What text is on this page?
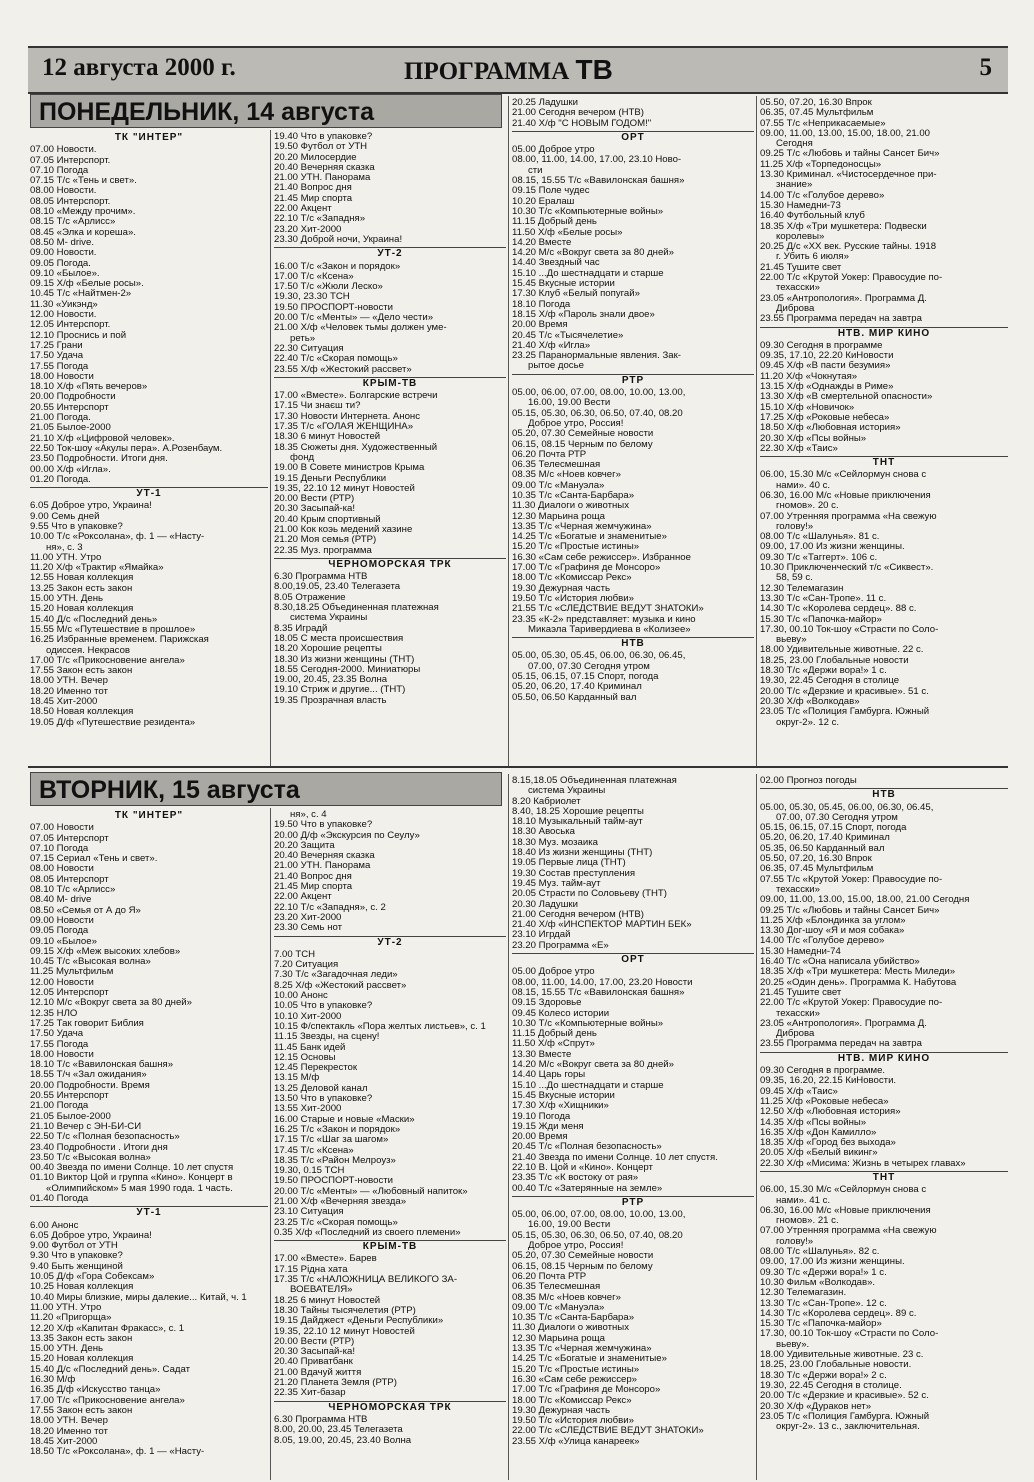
12 августа 2000 г.	ПРОГРАММА ТВ	5
ПОНЕДЕЛЬНИК, 14 августа
ВТОРНИК, 15 августа
ТК "ИНТЕР"
07.00 Новости.
07.05 Интерспорт.
07.10 Погода
07.15 Т/с «Тень и свет».
08.00 Новости.
08.05 Интерспорт.
08.10 «Между прочим».
08.15 Т/с «Арлисс»
08.45 «Элка и кореша».
08.50 M- drive.
09.00 Новости.
09.05 Погода.
09.10 «Былое».
09.15 Х/ф «Белые росы».
10.45 Т/с «Найтмен-2»
11.30 «Уикэнд»
12.00 Новости.
12.05 Интерспорт.
12.10 Проснись и пой
17.25 Грани
17.50 Удача
17.55 Погода
18.00 Новости
18.10 Х/ф «Пять вечеров»
20.00 Подробности
20.55 Интерспорт
21.00 Погода.
21.05 Былое-2000
21.10 Х/ф «Цифровой человек».
22.50 Ток-шоу «Акулы пера». А.Розенбаум.
23.50 Подробности. Итоги дня.
00.00 Х/ф «Игла».
01.20 Погода.
УТ-1
6.05 Доброе утро, Украина!
9.00 Семь дней
9.55 Что в упаковке?
10.00 Т/с «Роксолана», ф. 1 — «Насту-
ня», с. 3
11.00 УТН. Утро
11.20 Х/ф «Трактир «Ямайка»
12.55 Новая коллекция
13.25 Закон есть закон
15.00 УТН. День
15.20 Новая коллекция
15.40 Д/с «Последний день»
15.55 М/с «Путешествие в прошлое»
16.25 Избранные временем. Парижская
одиссея. Некрасов
17.00 Т/с «Прикосновение ангела»
17.55 Закон есть закон
18.00 УТН. Вечер
18.20 Именно тот
18.45 Хит-2000
18.50 Новая коллекция
19.05 Д/ф «Путешествие резидента»
19.40 Что в упаковке?
19.50 Футбол от УТН
20.20 Милосердие
20.40 Вечерняя сказка
21.00 УТН. Панорама
21.40 Вопрос дня
21.45 Мир спорта
22.00 Акцент
22.10 Т/с «Западня»
23.20 Хит-2000
23.30 Доброй ночи, Украина!
УТ-2
16.00 Т/с «Закон и порядок»
17.00 Т/с «Ксена»
17.50 Т/с «Жюли Леско»
19.30, 23.30 ТСН
19.50 ПРОСПОРТ-новости
20.00 Т/с «Менты» — «Дело чести»
21.00 Х/ф «Человек тьмы должен уме-
реть»
22.30 Ситуация
22.40 Т/с «Скорая помощь»
23.55 Х/ф «Жестокий рассвет»
КРЫМ-ТВ
17.00 «Вместе». Болгарские встречи
17.15 Чи знаєш ти?
17.30 Новости Интернета. Анонс
17.35 Т/с «ГОЛАЯ ЖЕНЩИНА»
18.30 6 минут Новостей
18.35 Сюжеты дня. Художественный
фонд
19.00 В Совете министров Крыма
19.15 Деньги Республики
19.35, 22.10 12 минут Новостей
20.00 Вести (РТР)
20.30 Засыпай-ка!
20.40 Крым спортивный
21.00 Кок коэь медений хазине
21.20 Моя семья (РТР)
22.35 Муз. программа
ЧЕРНОМОРСКАЯ ТРК
6.30 Программа НТВ
8.00,19.05, 23.40 Телегазета
8.05 Отражение
8.30,18.25 Объединенная платежная
система Украины
8.35 Иградй
18.05 С места происшествия
18.20 Хорошие рецепты
18.30 Из жизни женщины (ТНТ)
18.55 Сегодня-2000. Миниатюры
19.00, 20.45, 23.35 Волна
19.10 Стриж и другие... (ТНТ)
19.35 Прозрачная власть
20.25 Ладушки
21.00 Сегодня вечером (НТВ)
21.40 Х/ф "С НОВЫМ ГОДОМ!"
ОРТ
05.00 Доброе утро
08.00, 11.00, 14.00, 17.00, 23.10 Ново-
сти
08.15, 15.55 Т/с «Вавилонская башня»
09.15 Поле чудес
10.20 Ералаш
10.30 Т/с «Компьютерные войны»
11.15 Добрый день
11.50 Х/ф «Белые росы»
14.20 Вместе
14.20 М/с «Вокруг света за 80 дней»
14.40 Звездный час
15.10 ...До шестнадцати и старше
15.45 Вкусные истории
17.30 Клуб «Белый попугай»
18.10 Погода
18.15 Х/ф «Пароль знали двое»
20.00 Время
20.45 Т/с «Тысячелетие»
21.40 Х/ф «Игла»
23.25 Паранормальные явления. Зак-
рытое досье
РТР
05.00, 06.00, 07.00, 08.00, 10.00, 13.00,
16.00, 19.00 Вести
05.15, 05.30, 06.30, 06.50, 07.40, 08.20
Доброе утро, Россия!
05.20, 07.30 Семейные новости
06.15, 08.15 Черным по белому
06.20 Почта РТР
06.35 Телесмешная
08.35 М/с «Ноев ковчег»
09.00 Т/с «Мануэла»
10.35 Т/с «Санта-Барбара»
11.30 Диалоги о животных
12.30 Марьина роща
13.35 Т/с «Черная жемчужина»
14.25 Т/с «Богатые и знаменитые»
15.20 Т/с «Простые истины»
16.30 «Сам себе режиссер». Избранное
17.00 Т/с «Графиня де Монсоро»
18.00 Т/с «Комиссар Рекс»
19.30 Дежурная часть
19.50 Т/с «История любви»
21.55 Т/с «СЛЕДСТВИЕ ВЕДУТ ЗНАТОКИ»
23.35 «К-2» представляет: музыка и кино
Микаэла Таривердиева в «Колизее»
НТВ
05.00, 05.30, 05.45, 06.00, 06.30, 06.45,
07.00, 07.30 Сегодня утром
05.15, 06.15, 07.15 Спорт, погода
05.20, 06.20, 17.40 Криминал
05.50, 06.50 Карданный вал
05.50, 07.20, 16.30 Впрок
06.35, 07.45 Мультфильм
07.55 Т/с «Неприкасаемые»
09.00, 11.00, 13.00, 15.00, 18.00, 21.00
Сегодня
09.25 Т/с «Любовь и тайны Сансет Бич»
11.25 Х/ф «Торпедоносцы»
13.30 Криминал. «Чистосердечное при-
знание»
14.00 Т/с «Голубое дерево»
15.30 Намедни-73
16.40 Футбольный клуб
18.35 Х/ф «Три мушкетера: Подвески
королевы»
20.25 Д/с «XX век. Русские тайны. 1918
г. Убить 6 июля»
21.45 Тушите свет
22.00 Т/с «Крутой Уокер: Правосудие по-
техасски»
23.05 «Антропология». Программа Д.
Диброва
23.55 Программа передач на завтра
НТВ. МИР КИНО
09.30 Сегодня в программе
09.35, 17.10, 22.20 КиНовости
09.45 Х/ф «В пасти безумия»
11.20 Х/ф «Чокнутая»
13.15 Х/ф «Однажды в Риме»
13.30 Х/ф «В смертельной опасности»
15.10 Х/ф «Новичок»
17.25 Х/ф «Роковые небеса»
18.50 Х/ф «Любовная история»
20.30 Х/ф «Псы войны»
22.30 Х/ф «Таис»
ТНТ
06.00, 15.30 М/с «Сейлормун снова с
нами». 40 с.
06.30, 16.00 М/с «Новые приключения
гномов». 20 с.
07.00 Утренняя программа «На свежую
голову!»
08.00 Т/с «Шалунья». 81 с.
09.00, 17.00 Из жизни женщины.
09.30 Т/с «Таггерт». 106 с.
10.30 Приключенческий т/с «Сиквест».
58, 59 с.
12.30 Телемагазин
13.30 Т/с «Сан-Тропе». 11 с.
14.30 Т/с «Королева сердец». 88 с.
15.30 Т/с «Папочка-майор»
17.30, 00.10 Ток-шоу «Страсти по Соло-
вьеву»
18.00 Удивительные животные. 22 с.
18.25, 23.00 Глобальные новости
18.30 Т/с «Держи вора!» 1 с.
19.30, 22.45 Сегодня в столице
20.00 Т/с «Дерзкие и красивые». 51 с.
20.30 Х/ф «Волкодав»
23.05 Т/с «Полиция Гамбурга. Южный
округ-2». 12 с.
ТК "ИНТЕР"
07.00 Новости
07.05 Интерспорт
07.10 Погода
07.15 Сериал «Тень и свет».
08.00 Новости
08.05 Интерспорт
08.10 Т/с «Арлисс»
08.40 M- drive
08.50 «Семья от А до Я»
09.00 Новости
09.05 Погода
09.10 «Былое»
09.15 Х/ф «Меж высоких хлебов»
10.45 Т/с «Высокая волна»
11.25 Мультфильм
12.00 Новости
12.05 Интерспорт
12.10 М/с «Вокруг света за 80 дней»
12.35 НЛО
17.25 Так говорит Библия
17.50 Удача
17.55 Погода
18.00 Новости
18.10 Т/с «Вавилонская башня»
18.55 Т/ч «Зал ожидания»
20.00 Подробности. Время
20.55 Интерспорт
21.00 Погода
21.05 Былое-2000
21.10 Вечер с ЭН-БИ-СИ
22.50 Т/с «Полная безопасность»
23.40 Подробности . Итоги дня
23.50 Т/с «Высокая волна»
00.40 Звезда по имени Солнце. 10 лет спустя
01.10 Виктор Цой и группа «Кино». Концерт в
«Олимпийском» 5 мая 1990 года. 1 часть.
01.40 Погода
УТ-1
6.00 Анонс
6.05 Доброе утро, Украина!
9.00 Футбол от УТН
9.30 Что в упаковке?
9.40 Быть женщиной
10.05 Д/ф «Гора Собексам»
10.25 Новая коллекция
10.40 Миры близкие, миры далекие... Китай, ч. 1
11.00 УТН. Утро
11.20 «Пригорща»
12.20 Х/ф «Капитан Фракасс», с. 1
13.35 Закон есть закон
15.00 УТН. День
15.20 Новая коллекция
15.40 Д/с «Последний день». Садат
16.30 М/ф
16.35 Д/ф «Искусство танца»
17.00 Т/с «Прикосновение ангела»
17.55 Закон есть закон
18.00 УТН. Вечер
18.20 Именно тот
18.45 Хит-2000
18.50 Т/с «Роксолана», ф. 1 — «Насту-
ня», с. 4
19.50 Что в упаковке?
20.00 Д/ф «Экскурсия по Сеулу»
20.20 Защита
20.40 Вечерняя сказка
21.00 УТН. Панорама
21.40 Вопрос дня
21.45 Мир спорта
22.00 Акцент
22.10 Т/с «Западня», с. 2
23.20 Хит-2000
23.30 Семь нот
УТ-2
7.00 ТСН
7.20 Ситуация
7.30 Т/с «Загадочная леди»
8.25 Х/ф «Жестокий рассвет»
10.00 Анонс
10.05 Что в упаковке?
10.10 Хит-2000
10.15 Ф/спектакль «Пора желтых листьев», с. 1
11.15 Звезды, на сцену!
11.45 Банк идей
12.15 Основы
12.45 Перекресток
13.15 М/ф
13.25 Деловой канал
13.50 Что в упаковке?
13.55 Хит-2000
16.00 Старые и новые «Маски»
16.25 Т/с «Закон и порядок»
17.15 Т/с «Шаг за шагом»
17.45 Т/с «Ксена»
18.35 Т/с «Район Мелроуз»
19.30, 0.15 ТСН
19.50 ПРОСПОРТ-новости
20.00 Т/с «Менты» — «Любовный напиток»
21.00 Х/ф «Вечерняя звезда»
23.10 Ситуация
23.25 Т/с «Скорая помощь»
0.35 Х/ф «Последний из своего племени»
КРЫМ-ТВ
17.00 «Вместе». Барев
17.15 Рідна хата
17.35 Т/с «НАЛОЖНИЦА ВЕЛИКОГО ЗА-
ВОЕВАТЕЛЯ»
18.25 6 минут Новостей
18.30 Тайны тысячелетия (РТР)
19.15 Дайджест «Деньги Республики»
19.35, 22.10 12 минут Новостей
20.00 Вести (РТР)
20.30 Засыпай-ка!
20.40 Приватбанк
21.00 Вдачуй життя
21.20 Планета Земля (РТР)
22.35 Хит-базар
ЧЕРНОМОРСКАЯ ТРК
6.30 Программа НТВ
8.00, 20.00, 23.45 Телегазета
8.05, 19.00, 20.45, 23.40 Волна
8.15,18.05 Объединенная платежная
система Украины
8.20 Кабриолет
8.40, 18.25 Хорошие рецепты
18.10 Музыкальный тайм-аут
18.30 Авоська
18.30 Муз. мозаика
18.40 Из жизни женщины (ТНТ)
19.05 Первые лица (ТНТ)
19.30 Состав преступления
19.45 Муз. тайм-аут
20.05 Страсти по Соловьеву (ТНТ)
20.30 Ладушки
21.00 Сегодня вечером (НТВ)
21.40 Х/ф «ИНСПЕКТОР МАРТИН БЕК»
23.10 Игрдай
23.20 Программа «Е»
ОРТ
05.00 Доброе утро
08.00, 11.00, 14.00, 17.00, 23.20 Новости
08.15, 15.55 Т/с «Вавилонская башня»
09.15 Здоровье
09.45 Колесо истории
10.30 Т/с «Компьютерные войны»
11.15 Добрый день
11.50 Х/ф «Спрут»
13.30 Вместе
14.20 М/с «Вокруг света за 80 дней»
14.40 Царь горы
15.10 ...До шестнадцати и старше
15.45 Вкусные истории
17.30 Х/ф «Хищники»
19.10 Погода
19.15 Жди меня
20.00 Время
20.45 Т/с «Полная безопасность»
21.40 Звезда по имени Солнце. 10 лет спустя.
22.10 В. Цой и «Кино». Концерт
23.35 Т/с «К востоку от рая»
00.40 Т/с «Затерянные на земле»
РТР
05.00, 06.00, 07.00, 08.00, 10.00, 13.00,
16.00, 19.00 Вести
05.15, 05.30, 06.30, 06.50, 07.40, 08.20
Доброе утро, Россия!
05.20, 07.30 Семейные новости
06.15, 08.15 Черным по белому
06.20 Почта РТР
06.35 Телесмешная
08.35 М/с «Ноев ковчег»
09.00 Т/с «Мануэла»
10.35 Т/с «Санта-Барбара»
11.30 Диалоги о животных
12.30 Марьина роща
13.35 Т/с «Черная жемчужина»
14.25 Т/с «Богатые и знаменитые»
15.20 Т/с «Простые истины»
16.30 «Сам себе режиссер»
17.00 Т/с «Графиня де Монсоро»
18.00 Т/с «Комиссар Рекс»
19.30 Дежурная часть
19.50 Т/с «История любви»
22.00 Т/с «СЛЕДСТВИЕ ВЕДУТ ЗНАТОКИ»
23.55 Х/ф «Улица канареек»
02.00 Прогноз погоды
НТВ
05.00, 05.30, 05.45, 06.00, 06.30, 06.45,
07.00, 07.30 Сегодня утром
05.15, 06.15, 07.15 Спорт, погода
05.20, 06.20, 17.40 Криминал
05.35, 06.50 Карданный вал
05.50, 07.20, 16.30 Впрок
06.35, 07.45 Мультфильм
07.55 Т/с «Крутой Уокер: Правосудие по-
техасски»
09.00, 11.00, 13.00, 15.00, 18.00, 21.00 Сегодня
09.25 Т/с «Любовь и тайны Сансет Бич»
11.25 Х/ф «Блондинка за углом»
13.30 Дог-шоу «Я и моя собака»
14.00 Т/с «Голубое дерево»
15.30 Намедни-74
16.40 Т/с «Она написала убийство»
18.35 Х/ф «Три мушкетера: Месть Миледи»
20.25 «Один день». Программа К. Набутова
21.45 Тушите свет
22.00 Т/с «Крутой Уокер: Правосудие по-
техасски»
23.05 «Антропология». Программа Д.
Диброва
23.55 Программа передач на завтра
НТВ. МИР КИНО
09.30 Сегодня в программе.
09.35, 16.20, 22.15 КиНовости.
09.45 Х/ф «Таис»
11.25 Х/ф «Роковые небеса»
12.50 Х/ф «Любовная история»
14.35 Х/ф «Псы войны»
16.35 Х/ф «Дон Камилло»
18.35 Х/ф «Город без выхода»
20.05 Х/ф «Белый викинг»
22.30 Х/ф «Мисима: Жизнь в четырех главах»
ТНТ
06.00, 15.30 М/с «Сейлормун снова с
нами». 41 с.
06.30, 16.00 М/с «Новые приключения
гномов». 21 с.
07.00 Утренняя программа «На свежую
голову!»
08.00 Т/с «Шалунья». 82 с.
09.00, 17.00 Из жизни женщины.
09.30 Т/с «Держи вора!» 1 с.
10.30 Фильм «Волкодав».
12.30 Телемагазин.
13.30 Т/с «Сан-Тропе». 12 с.
14.30 Т/с «Королева сердец». 89 с.
15.30 Т/с «Папочка-майор»
17.30, 00.10 Ток-шоу «Страсти по Соло-
вьеву».
18.00 Удивительные животные. 23 с.
18.25, 23.00 Глобальные новости.
18.30 Т/с «Держи вора!» 2 с.
19.30, 22.45 Сегодня в столице.
20.00 Т/с «Дерзкие и красивые». 52 с.
20.30 Х/ф «Дураков нет»
23.05 Т/с «Полиция Гамбурга. Южный
округ-2». 13 с., заключительная.
